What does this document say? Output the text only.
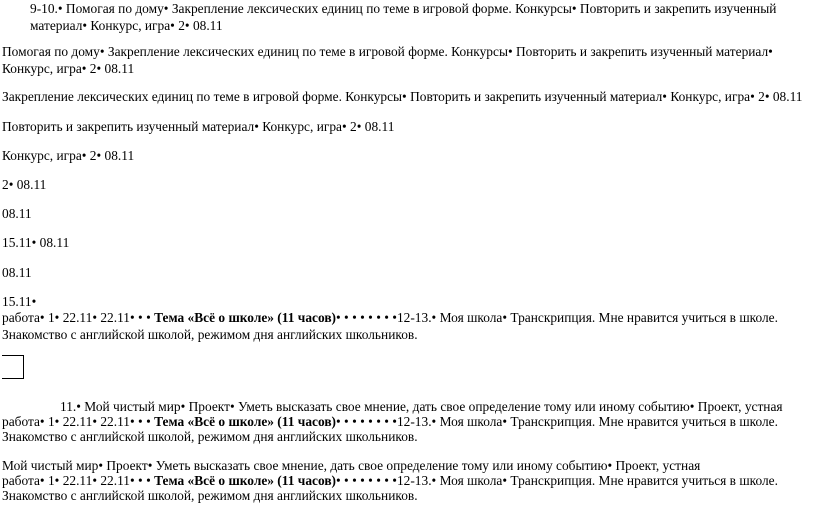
9-10.• Помогая по дому• Закрепление лексических единиц по теме в игровой форме. Конкурсы• Повторить и закрепить изученный материал• Конкурс, игра• 2• 08.11
Помогая по дому• Закрепление лексических единиц по теме в игровой форме. Конкурсы• Повторить и закрепить изученный материал• Конкурс, игра• 2• 08.11
Закрепление лексических единиц по теме в игровой форме. Конкурсы• Повторить и закрепить изученный материал• Конкурс, игра• 2• 08.11
Повторить и закрепить изученный материал• Конкурс, игра• 2• 08.11
Конкурс, игра• 2• 08.11
2• 08.11
08.11
15.11• 08.11
08.11
15.11•
работа• 1• 22.11• 22.11• • • Тема «Всё о школе» (11 часов)• • • • • • • •12-13.• Моя школа• Транскрипция. Мне нравится учиться в школе.
Знакомство с английской школой, режимом дня английских школьников.
11.• Мой чистый мир• Проект• Уметь высказать свое мнение, дать свое определение тому или иному событию• Проект, устная
работа• 1• 22.11• 22.11• • • Тема «Всё о школе» (11 часов)• • • • • • • •12-13.• Моя школа• Транскрипция. Мне нравится учиться в школе.
Знакомство с английской школой, режимом дня английских школьников.
Мой чистый мир• Проект• Уметь высказать свое мнение, дать свое определение тому или иному событию• Проект, устная
работа• 1• 22.11• 22.11• • • Тема «Всё о школе» (11 часов)• • • • • • • •12-13.• Моя школа• Транскрипция. Мне нравится учиться в школе.
Знакомство с английской школой, режимом дня английских школьников.
